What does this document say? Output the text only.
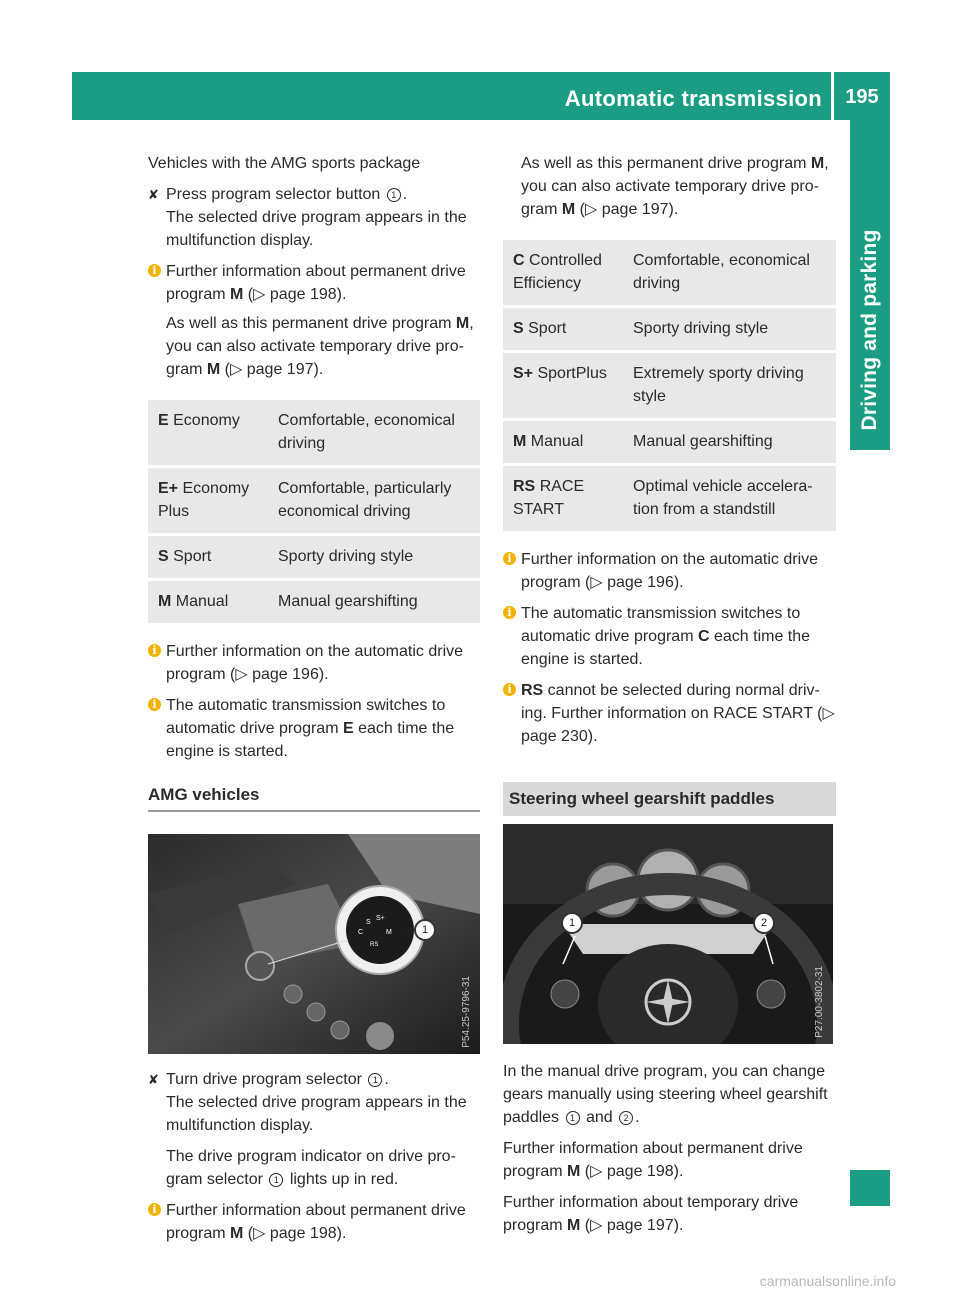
Automatic transmission 195
Driving and parking

Vehicles with the AMG sports package

✘ Press program selector button 1 .
The selected drive program appears in the multifunction display.
i Further information about permanent drive program M (▷ page 198).

As well as this permanent drive program M, you can also activate temporary drive pro-gram M (▷ page 197).

E Economy	Comfortable, economical driving
E+ Economy Plus	Comfortable, particularly economical driving
S Sport	Sporty driving style
M Manual	Manual gearshifting
i Further information on the automatic drive program (▷ page 196).

i The automatic transmission switches to automatic drive program E each time the engine is started.

AMG vehicles
S
S+
C	M
RS
1
P54.25-9796-31
✘ Turn drive program selector 1 .
The selected drive program appears in the multifunction display.

The drive program indicator on drive pro-gram selector 1 lights up in red.

i Further information about permanent drive program M (▷ page 198).

As well as this permanent drive program M, you can also activate temporary drive pro-gram M (▷ page 197).

C Controlled Efficiency	Comfortable, economical driving
S Sport	Sporty driving style
S+ SportPlus	Extremely sporty driving style
M Manual	Manual gearshifting
RS RACE START	Optimal vehicle accelera-tion from a standstill
i Further information on the automatic drive program (▷ page 196).

i The automatic transmission switches to automatic drive program C each time the engine is started.

i RS cannot be selected during normal driv-ing. Further information on RACE START (▷ page 230).

Steering wheel gearshift paddles
1	2
P27.00-3802-31

In the manual drive program, you can change gears manually using steering wheel gearshift paddles 1 and 2 .

Further information about permanent drive program M (▷ page 198).

Further information about temporary drive program M (▷ page 197).

carmanualsonline.info
